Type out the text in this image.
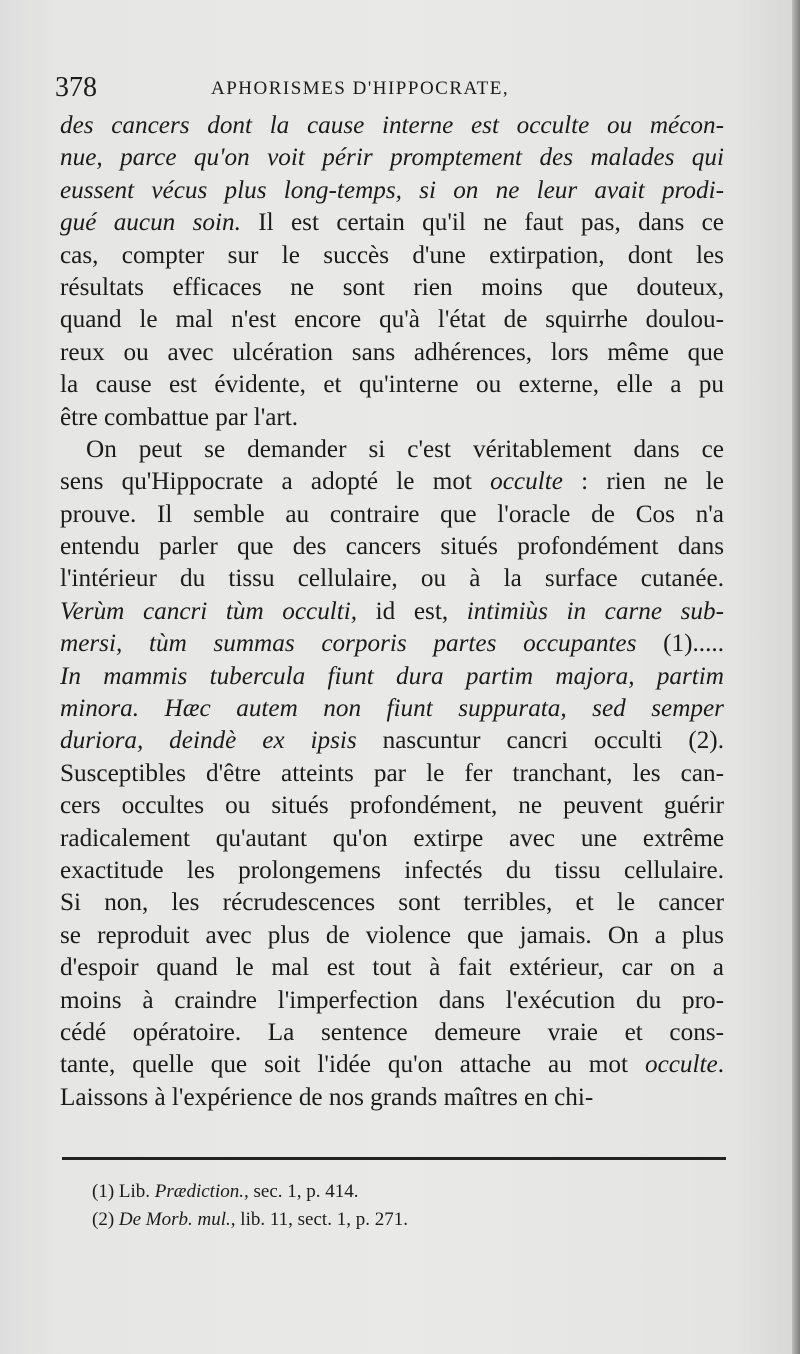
378	APHORISMES D'HIPPOCRATE,
des cancers dont la cause interne est occulte ou mécon-
nue, parce qu'on voit périr promptement des malades qui
eussent vécus plus long-temps, si on ne leur avait prodi-
gué aucun soin. Il est certain qu'il ne faut pas, dans ce
cas, compter sur le succès d'une extirpation, dont les
résultats efficaces ne sont rien moins que douteux,
quand le mal n'est encore qu'à l'état de squirrhe doulou-
reux ou avec ulcération sans adhérences, lors même que
la cause est évidente, et qu'interne ou externe, elle a pu
être combattue par l'art.
On peut se demander si c'est véritablement dans ce
sens qu'Hippocrate a adopté le mot occulte : rien ne le
prouve. Il semble au contraire que l'oracle de Cos n'a
entendu parler que des cancers situés profondément dans
l'intérieur du tissu cellulaire, ou à la surface cutanée.
Verùm cancri tùm occulti, id est, intimiùs in carne sub-
mersi, tùm summas corporis partes occupantes (1).....
In mammis tubercula fiunt dura partim majora, partim
minora. Hæc autem non fiunt suppurata, sed semper
duriora, deindè ex ipsis nascuntur cancri occulti (2).
Susceptibles d'être atteints par le fer tranchant, les can-
cers occultes ou situés profondément, ne peuvent guérir
radicalement qu'autant qu'on extirpe avec une extrême
exactitude les prolongemens infectés du tissu cellulaire.
Si non, les récrudescences sont terribles, et le cancer
se reproduit avec plus de violence que jamais. On a plus
d'espoir quand le mal est tout à fait extérieur, car on a
moins à craindre l'imperfection dans l'exécution du pro-
cédé opératoire. La sentence demeure vraie et cons-
tante, quelle que soit l'idée qu'on attache au mot occulte.
Laissons à l'expérience de nos grands maîtres en chi-
(1) Lib. Prædiction., sec. 1, p. 414.
(2) De Morb. mul., lib. 11, sect. 1, p. 271.
